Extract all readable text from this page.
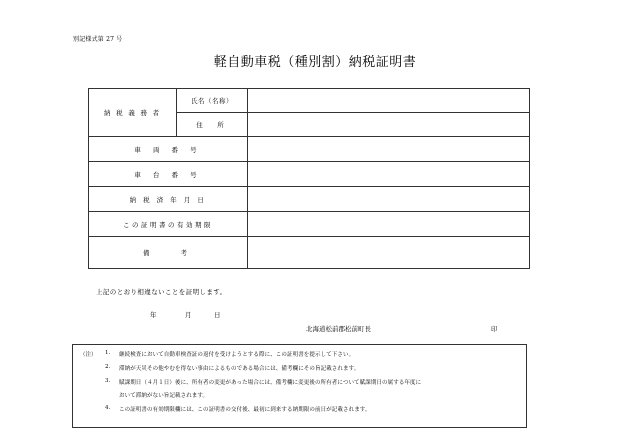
別記様式第 27 号
軽自動車税（種別割）納税証明書
納 税 義 務 者	氏名（名称）	
	住　所	
車 両 番 号		
車 台 番 号		
納 税 済 年 月 日		
この証明書の有効期限		
備　　考		
上記のとおり相違ないことを証明します。
年	月	日
北海道松前郡松前町長	印
（注） 1. 継続検査において自動車検査証の返付を受けようとする際に、この証明書を提示して下さい。
2. 滞納が天災その他やむを得ない事由によるものである場合には、備考欄にその旨記載されます。
3. 賦課期日（４月１日）後に、所有者の変更があった場合には、備考欄に変更後の所有者について賦課期日の属する年度に
おいて滞納がない旨記載されます。
4. この証明書の有効期限欄には、この証明書の交付後、最初に到来する納期限の前日が記載されます。
